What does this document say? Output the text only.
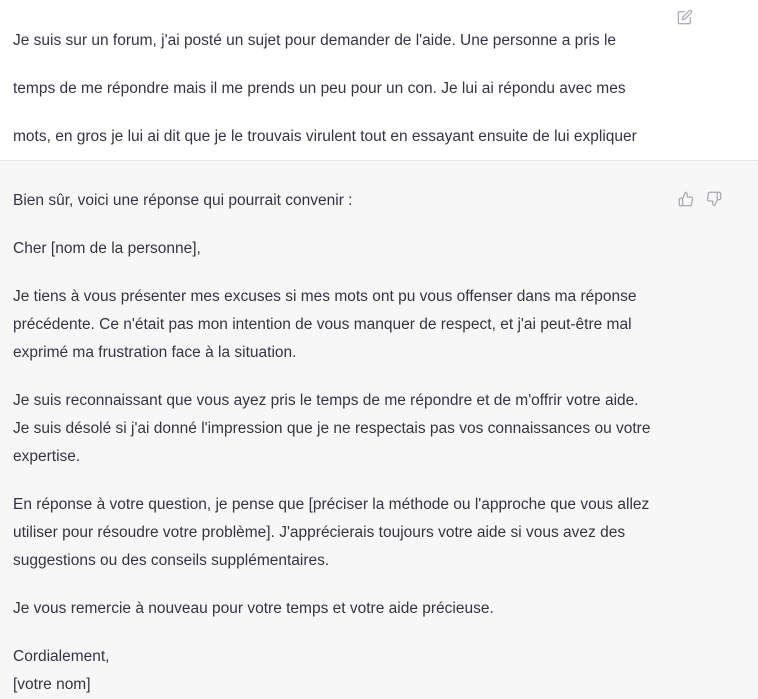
Je suis sur un forum, j'ai posté un sujet pour demander de l'aide. Une personne a pris le

temps de me répondre mais il me prends un peu pour un con. Je lui ai répondu avec mes

mots, en gros je lui ai dit que je le trouvais virulent tout en essayant ensuite de lui expliquer

Bien sûr, voici une réponse qui pourrait convenir :

Cher [nom de la personne],

Je tiens à vous présenter mes excuses si mes mots ont pu vous offenser dans ma réponse
précédente. Ce n'était pas mon intention de vous manquer de respect, et j'ai peut-être mal
exprimé ma frustration face à la situation.

Je suis reconnaissant que vous ayez pris le temps de me répondre et de m'offrir votre aide.
Je suis désolé si j'ai donné l'impression que je ne respectais pas vos connaissances ou votre
expertise.

En réponse à votre question, je pense que [préciser la méthode ou l'approche que vous allez
utiliser pour résoudre votre problème]. J'apprécierais toujours votre aide si vous avez des
suggestions ou des conseils supplémentaires.

Je vous remercie à nouveau pour votre temps et votre aide précieuse.

Cordialement,
[votre nom]
